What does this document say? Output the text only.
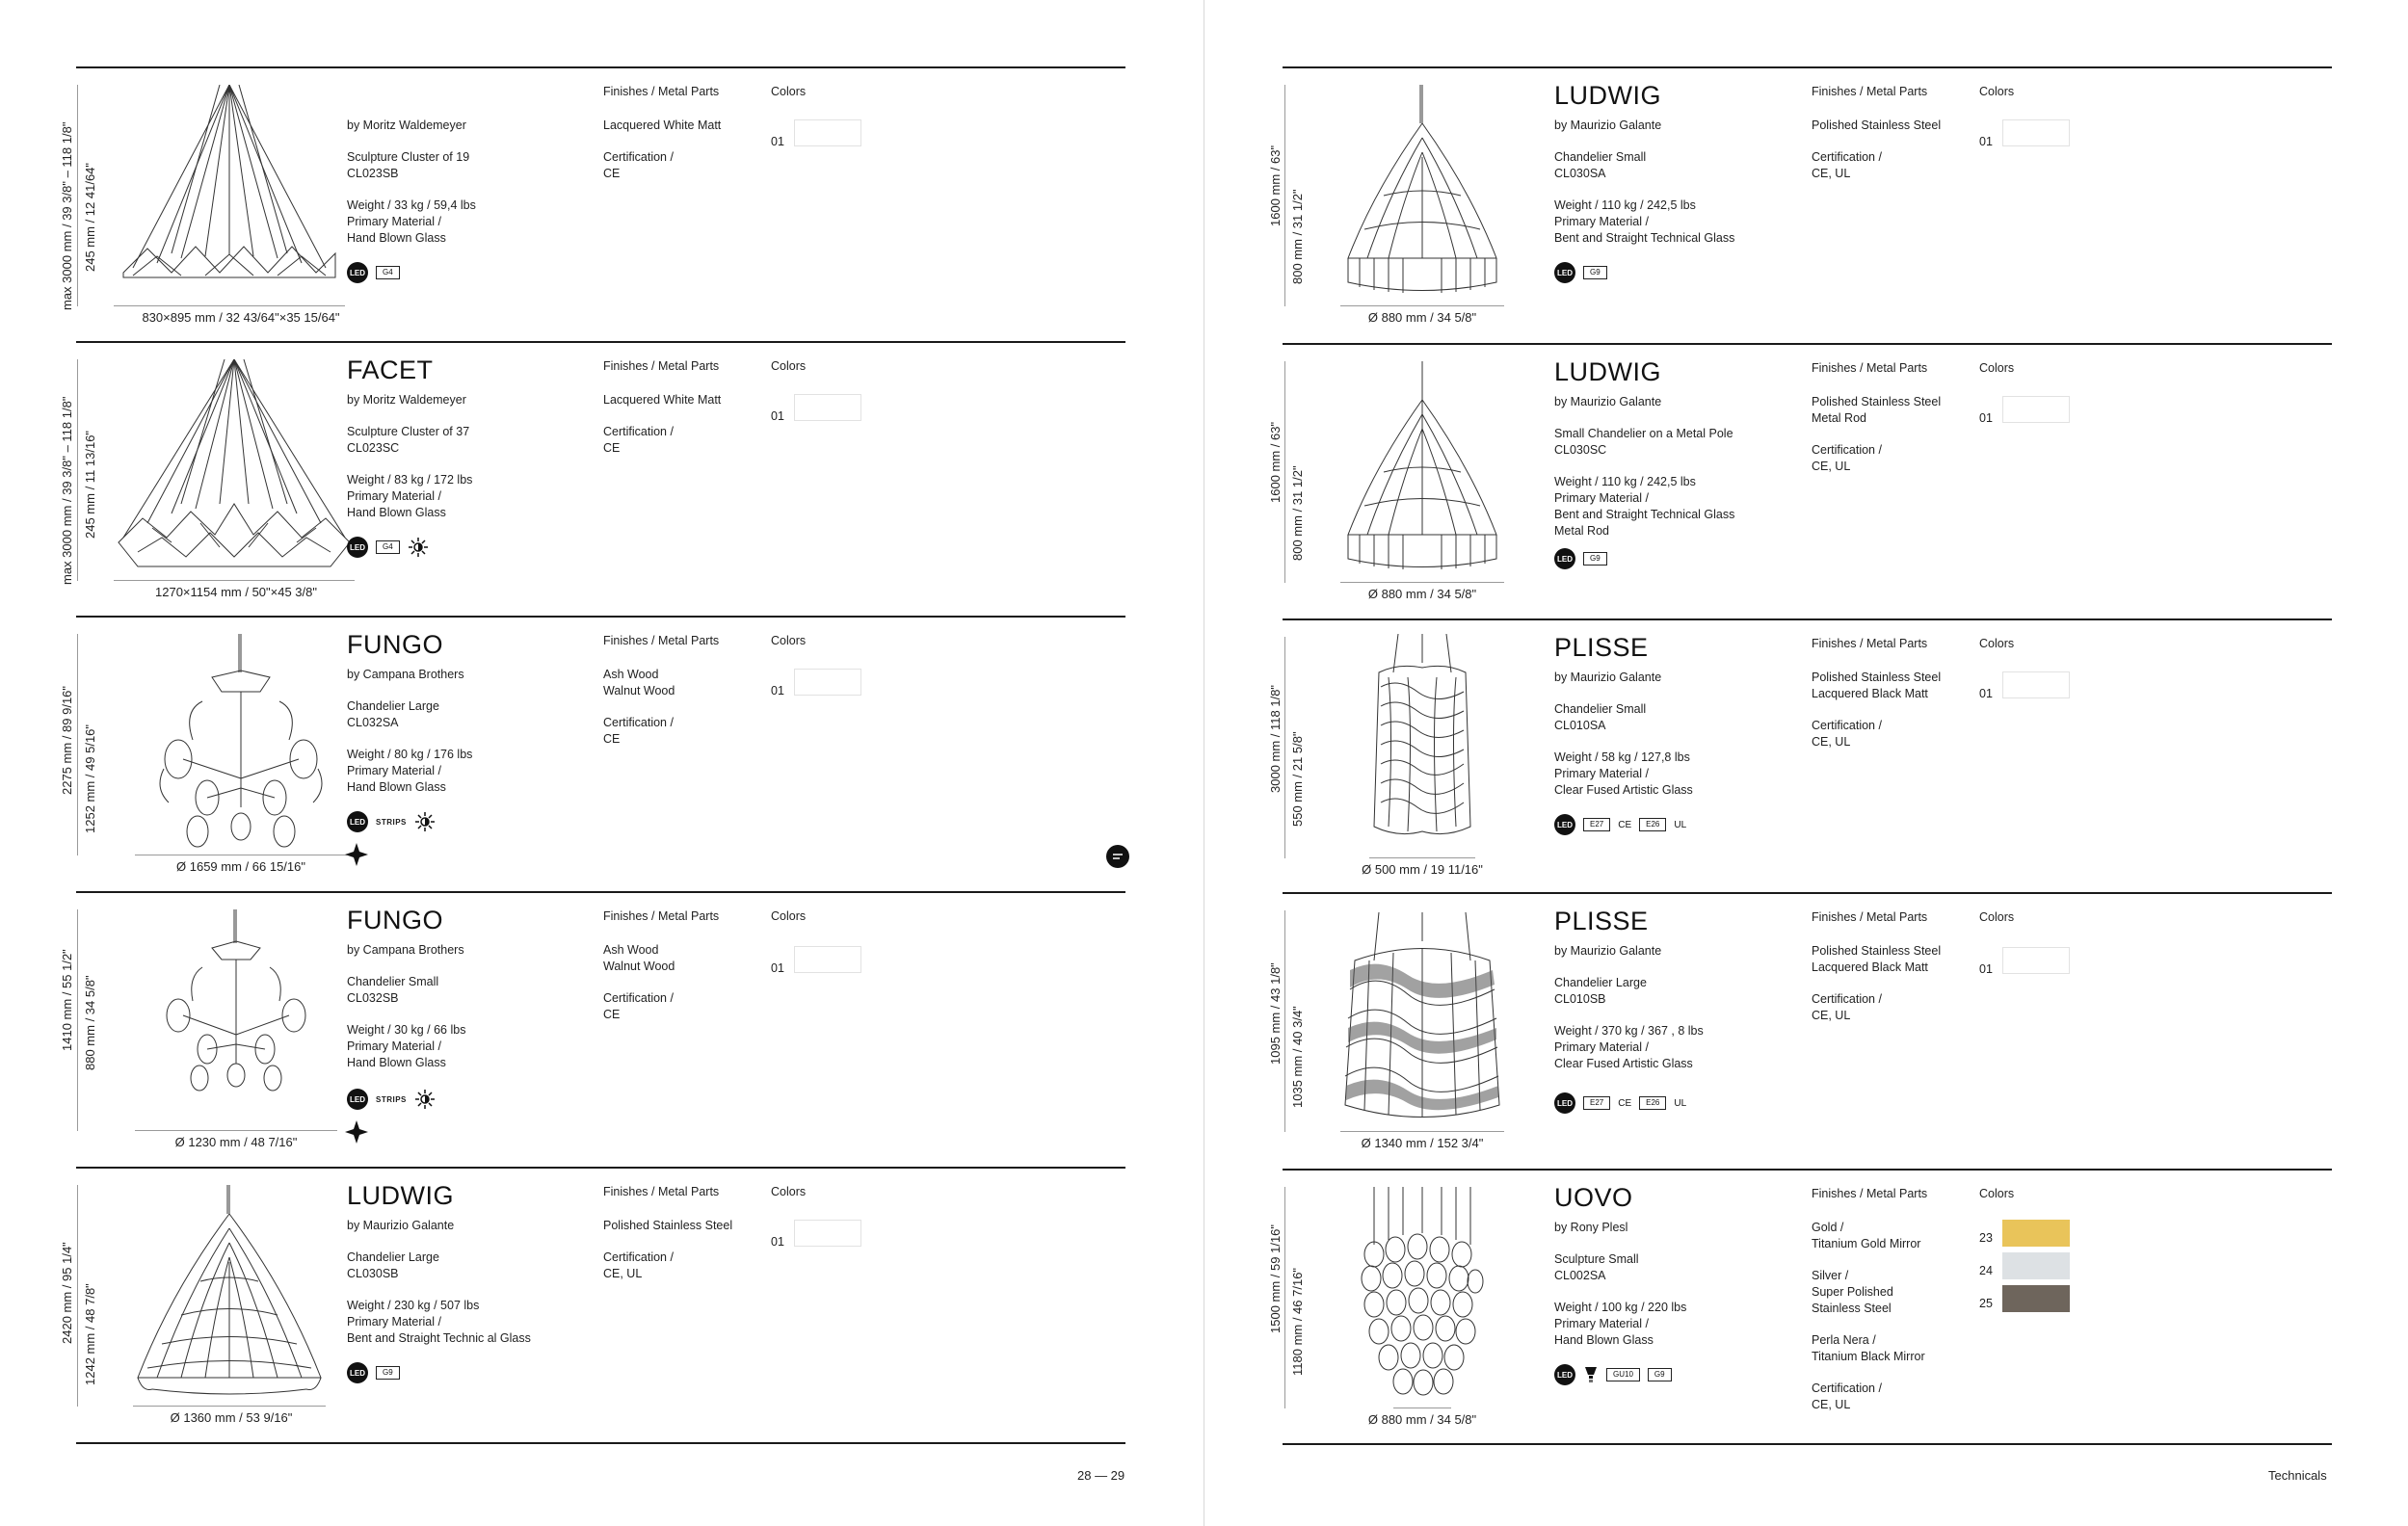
max 3000 mm / 39 3/8" – 118 1/8" 245 mm / 12 41/64"
830×895 mm / 32 43/64"×35 15/64"

by Moritz Waldemeyer

Sculpture Cluster of 19
CL023SB

Weight / 33 kg / 59,4 lbs
Primary Material /
Hand Blown Glass

LED	G4
Finishes / Metal Parts

Lacquered White Matt

Certification /
CE

Colors
01
max 3000 mm / 39 3/8" – 118 1/8" 245 mm / 11 13/16"
1270×1154 mm / 50"×45 3/8"
FACET

by Moritz Waldemeyer

Sculpture Cluster of 37
CL023SC

Weight / 83 kg / 172 lbs
Primary Material /
Hand Blown Glass

LED	G4
Finishes / Metal Parts

Lacquered White Matt

Certification /
CE

Colors
01
2275 mm / 89 9/16" 1252 mm / 49 5/16"
Ø 1659 mm / 66 15/16"
FUNGO

by Campana Brothers

Chandelier Large
CL032SA

Weight / 80 kg / 176 lbs
Primary Material /
Hand Blown Glass

LED	STRIPS
Finishes / Metal Parts

Ash Wood
Walnut Wood

Certification /
CE

Colors
01
1410 mm / 55 1/2" 880 mm / 34 5/8"
Ø 1230 mm / 48 7/16"
FUNGO

by Campana Brothers

Chandelier Small
CL032SB

Weight / 30 kg / 66 lbs
Primary Material /
Hand Blown Glass

LED	STRIPS
Finishes / Metal Parts

Ash Wood
Walnut Wood

Certification /
CE

Colors
01
2420 mm / 95 1/4" 1242 mm / 48 7/8"
Ø 1360 mm / 53 9/16"
LUDWIG

by Maurizio Galante

Chandelier Large
CL030SB

Weight / 230 kg / 507 lbs
Primary Material /
Bent and Straight Technic al Glass

LED	G9
Finishes / Metal Parts

Polished Stainless Steel

Certification /
CE, UL

Colors
01
28 — 29
1600 mm / 63"
800 mm / 31 1/2"
Ø 880 mm / 34 5/8"
LUDWIG

by Maurizio Galante

Chandelier Small
CL030SA

Weight / 110 kg / 242,5 lbs
Primary Material /
Bent and Straight Technical Glass

LED	G9
Finishes / Metal Parts

Polished Stainless Steel

Certification /
CE, UL

Colors
01
1600 mm / 63"
800 mm / 31 1/2"
Ø 880 mm / 34 5/8"
LUDWIG

by Maurizio Galante

Small Chandelier on a Metal Pole
CL030SC

Weight / 110 kg / 242,5 lbs
Primary Material /
Bent and Straight Technical Glass
Metal Rod

LED	G9
Finishes / Metal Parts

Polished Stainless Steel
Metal Rod

Certification /
CE, UL

Colors
01
3000 mm / 118 1/8" 550 mm / 21 5/8"
Ø 500 mm / 19 11/16"
PLISSE

by Maurizio Galante

Chandelier Small
CL010SA

Weight / 58 kg / 127,8 lbs
Primary Material /
Clear Fused Artistic Glass

LED	E27	CE	E26	UL
Finishes / Metal Parts

Polished Stainless Steel
Lacquered Black Matt

Certification /
CE, UL

Colors
01
1095 mm / 43 1/8" 1035 mm / 40 3/4"
Ø 1340 mm / 152 3/4"
PLISSE

by Maurizio Galante

Chandelier Large
CL010SB

Weight / 370 kg / 367 , 8 lbs
Primary Material /
Clear Fused Artistic Glass

LED	E27	CE	E26	UL
Finishes / Metal Parts

Polished Stainless Steel
Lacquered Black Matt

Certification /
CE, UL

Colors
01
1500 mm / 59 1/16" 1180 mm / 46 7/16"
Ø 880 mm / 34 5/8"
UOVO

by Rony Plesl

Sculpture Small
CL002SA

Weight / 100 kg / 220 lbs
Primary Material /
Hand Blown Glass

LED	GU10	G9
Finishes / Metal Parts

Gold /
Titanium Gold Mirror

Silver /
Super Polished
Stainless Steel

Perla Nera /
Titanium Black Mirror

Certification /
CE, UL

Colors
23
24
25
Technicals
